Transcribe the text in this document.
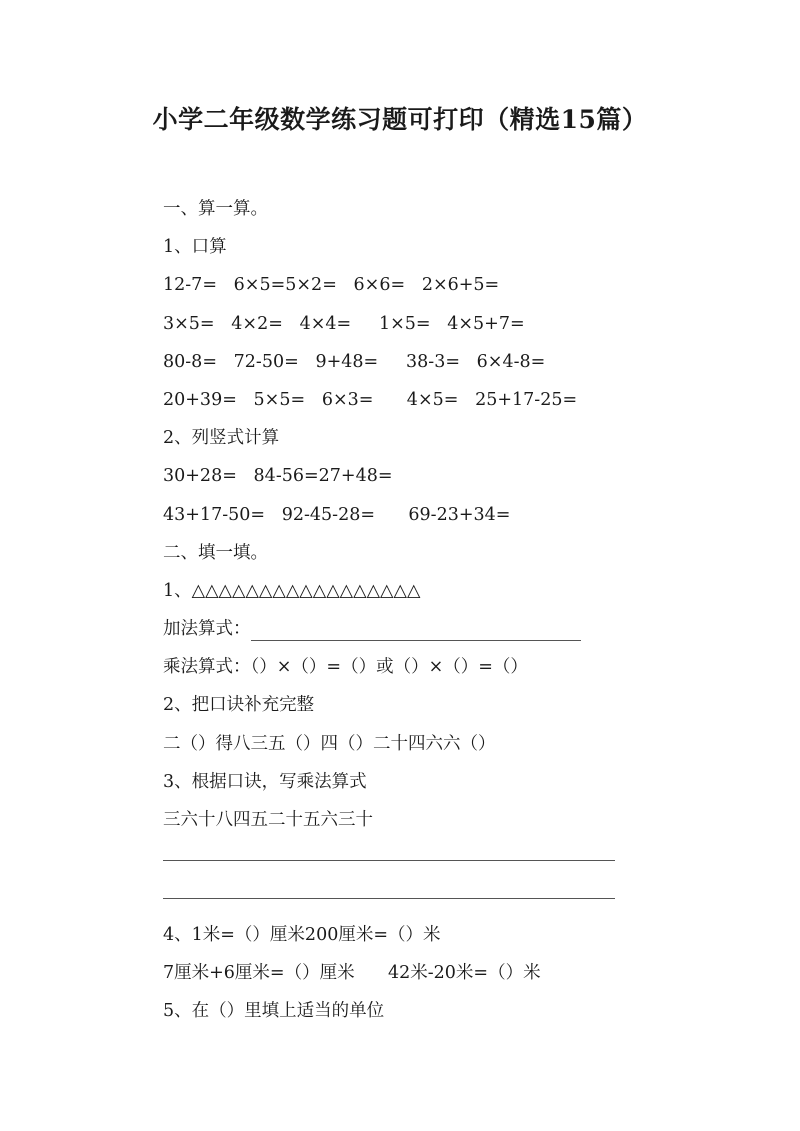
小学二年级数学练习题可打印（精选15篇）
一、算一算。
1、口算
12-7=   6×5=5×2=   6×6=   2×6+5=
3×5=   4×2=   4×4=     1×5=   4×5+7=
80-8=   72-50=   9+48=     38-3=   6×4-8=
20+39=   5×5=   6×3=      4×5=   25+17-25=
2、列竖式计算
30+28=   84-56=27+48=
43+17-50=   92-45-28=      69-23+34=
二、填一填。
1、△△△△△△△△△△△△△△△△△
加法算式：
乘法算式：（）×（）=（）或（）×（）=（）
2、把口诀补充完整
二（）得八三五（）四（）二十四六六（）
3、根据口诀，写乘法算式
三六十八四五二十五六三十
4、1米=（）厘米200厘米=（）米
7厘米+6厘米=（）厘米      42米-20米=（）米
5、在（）里填上适当的单位
